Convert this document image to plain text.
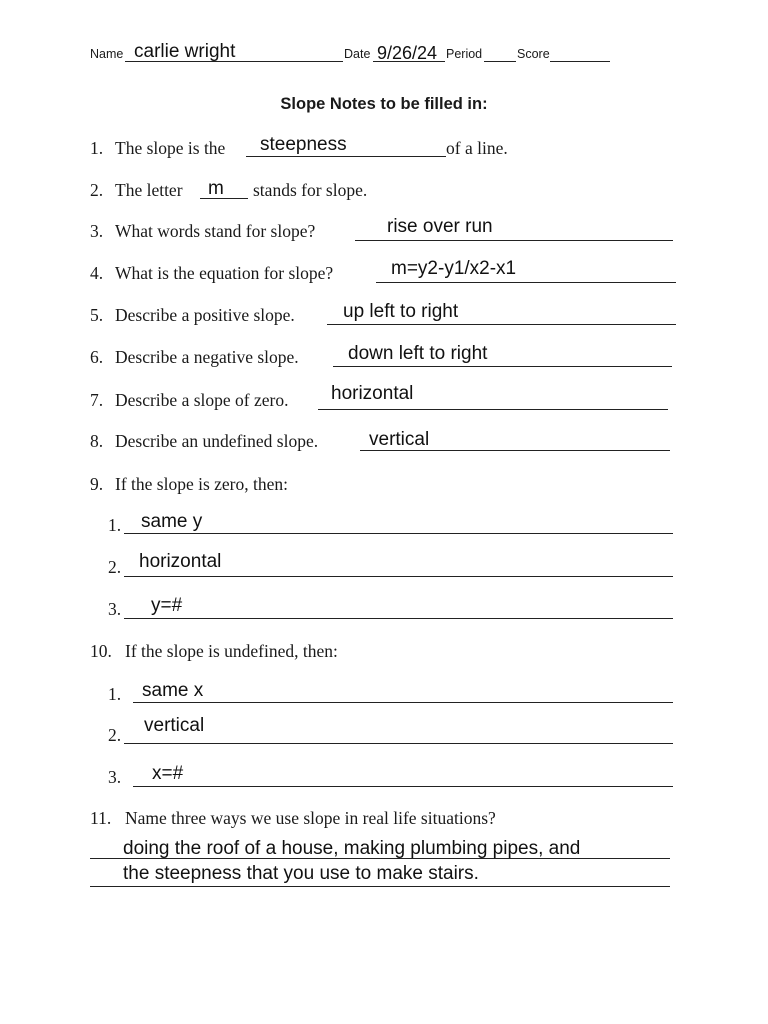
Name carlie wright	Date 9/26/24 Period	Score
Slope Notes to be filled in:
1. The slope is the steepness	of a line.
2. The letter m stands for slope.
3. What words stand for slope?	rise over run
4. What is the equation for slope?	m=y2-y1/x2-x1
5. Describe a positive slope.	up left to right
6. Describe a negative slope.	down left to right
7. Describe a slope of zero. horizontal
8. Describe an undefined slope.	vertical
9. If the slope is zero, then:
1. same y
2. horizontal
3. y=#
10. If the slope is undefined, then:
1. same x
2. vertical
3. x=#
11. Name three ways we use slope in real life situations?
doing the roof of a house, making plumbing pipes, and
the steepness that you use to make stairs.
